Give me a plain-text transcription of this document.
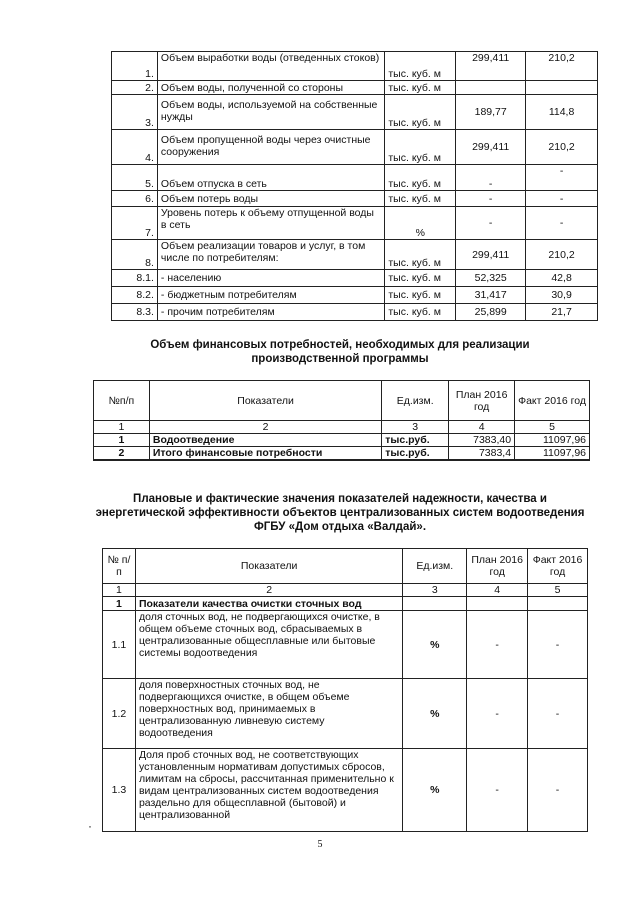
1.	Объем выработки воды (отведенных стоков)	тыс. куб. м	299,411	210,2
2.	Объем воды, полученной со стороны	тыс. куб. м		
3.	Объем воды, используемой на собственные нужды	тыс. куб. м	189,77	114,8
4.	Объем пропущенной воды через очистные сооружения	тыс. куб. м	299,411	210,2
5.	Объем отпуска в сеть	тыс. куб. м	-	-
6.	Объем потерь воды	тыс. куб. м	-	-
7.	Уровень потерь к объему отпущенной воды в сеть	%	-	-
8.	Объем реализации товаров и услуг, в том числе по потребителям:	тыс. куб. м	299,411	210,2
8.1.	- населению	тыс. куб. м	52,325	42,8
8.2.	- бюджетным потребителям	тыс. куб. м	31,417	30,9
8.3.	- прочим потребителям	тыс. куб. м	25,899	21,7
Объем финансовых потребностей, необходимых для реализации
производственной программы
№п/п	Показатели	Ед.изм.	План 2016 год	Факт 2016 год
1	2	3	4	5
1	Водоотведение	тыс.руб.	7383,40	11097,96
2	Итого финансовые потребности	тыс.руб.	7383,4	11097,96
Плановые и фактические значения показателей надежности, качества и
энергетической эффективности объектов централизованных систем водоотведения
ФГБУ «Дом отдыха «Валдай».
№ п/п	Показатели	Ед.изм.	План 2016 год	Факт 2016 год
1	2	3	4	5
1	Показатели качества очистки сточных вод			
1.1	доля сточных вод, не подвергающихся очистке, в общем объеме сточных вод, сбрасываемых в централизованные общесплавные или бытовые системы водоотведения	%	-	-
1.2	доля поверхностных сточных вод, не подвергающихся очистке, в общем объеме поверхностных вод, принимаемых в централизованную ливневую систему водоотведения	%	-	-
1.3	Доля проб сточных вод, не соответствующих установленным нормативам допустимых сбросов, лимитам на сбросы, рассчитанная применительно к видам централизованных систем водоотведения раздельно для общесплавной (бытовой) и централизованной	%	-	-
·
5
